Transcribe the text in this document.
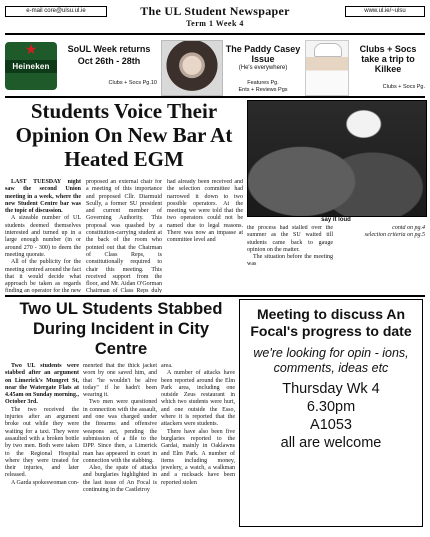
e-mail core@ulsu.ul.ie	The UL Student Newspaper
Term 1 Week 4
www.ul.ie/~ulsu
★
Heineken
SoUL Week returns
Oct 26th - 28th
Clubs + Socs Pg.10
The Paddy Casey Issue
(He's everywhere)
Features Pg.
Ents + Reviews Pgs
Clubs + Socs take a trip to Kilkee
Clubs + Socs Pg.
Students Voice Their Opinion On New Bar At Heated EGM
say it loud

LAST TUESDAY night saw the second Union meeting in a week, where the new Student Centre bar was the topic of discussion.

A sizeable number of UL students deemed themselves interested and turned up in a large enough number (in or around 270 - 300) to deem the meeting quorate.

All of the publicity for the meeting centred around the fact that it would decide what approach be taken as regards finding an operator for the new

proposed an external chair for a meeting of this importance and proposed Cllr. Diarmuid Scully, a former SU president and current member of Governing Authority. This proposal was quashed by a constitution-carrying student at the back of the room who pointed out that the Chairman of Class Reps, is constitutionally required to chair this meeting. This received support from the floor, and Mr. Aidan O'Gorman Chairman of Class Reps duly

had already been received and the selection committee had narrowed it down to two possible operators. At the meeting we were told that the two operators could not be named due to legal reasons. There was now an impasse at committee level and

the process had stalled over the summer as the SU waited till students came back to gauge opinion on the matter.

The situation before the meeting was

contd on pg.4
selection criteria on pg.5
Two UL Students Stabbed During Incident in City Centre

Two UL students were stabbed after an argument on Limerick's Mungret St, near the Watergate Flats at 4.45am on Sunday morning., October 3rd.

The two received the injuries after an argument broke out while they were waiting for a taxi. They were assaulted with a broken bottle by two men. Both were taken to the Regional Hospital where they were treated for their injuries, and later released.

A Garda spokeswoman con-

menrted that the thick jacket worn by one saved him, and that "he wouldn't be alive today" if he hadn't been wearing it.

Two men were questioned in connection with the assault, and one was charged under the firearms and offensive weapons act, pending the submission of a file to the DPP. Since then, a Limerick man has appeared in court in connection with the stabbing.

Also, the spate of attacks and burglaries highlighted in the last issue of An Focal is continuing in the Castletroy

area.

A number of attacks have been reported around the Elm Park area, including one outside Zeus restaurant in which two students were hurt, and one outside the Esso, where it is reported that the attackers were students.

There have also been five burglaries reported to the Gardai, mainly in Oaklawns and Elm Park. A number of items including money, jewelery, a watch, a walkman and a rucksack have been reported stolen

Meeting to discuss An Focal's progress to date
we're looking for opin - ions, comments, ideas etc
Thursday Wk 4
6.30pm
A1053
all are welcome
